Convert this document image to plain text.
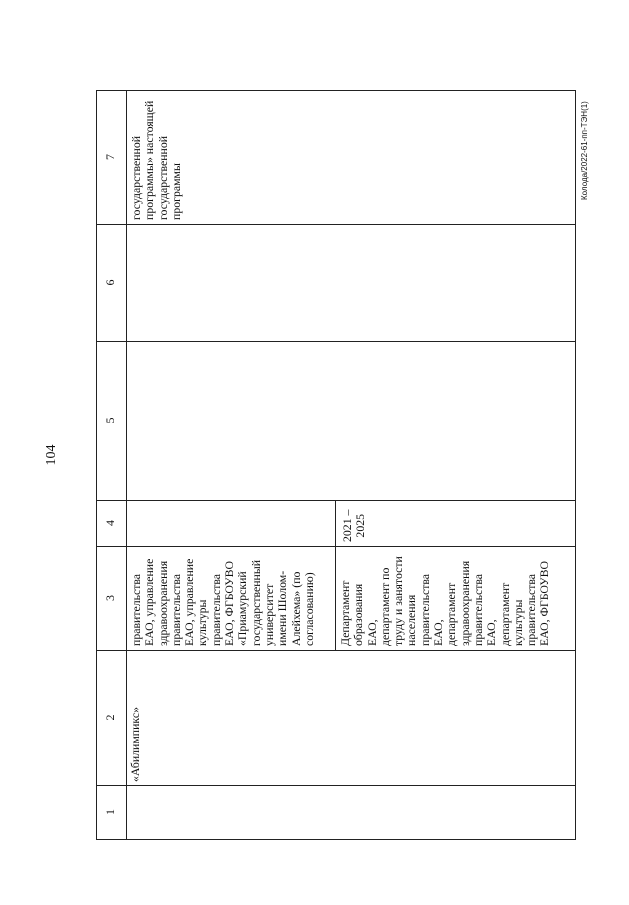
104
Колода/2022-61-пп-ТЭН(1)
1
2
3
4
5
6
7
«Абилимпикс»
правительства
ЕАО, управление
здравоохранения
правительства
ЕАО, управление
культуры
правительства
ЕАО, ФГБОУВО
«Приамурский
государственный
университет
имени Шолом-
Алейхема» (по
согласованию)
государственной
программы» настоящей
государственной
программы
Департамент
образования
ЕАО,
департамент по
труду и занятости
населения
правительства
ЕАО,
департамент
здравоохранения
правительства
ЕАО,
департамент
культуры
правительства
ЕАО, ФГБОУВО
2021 –
2025
